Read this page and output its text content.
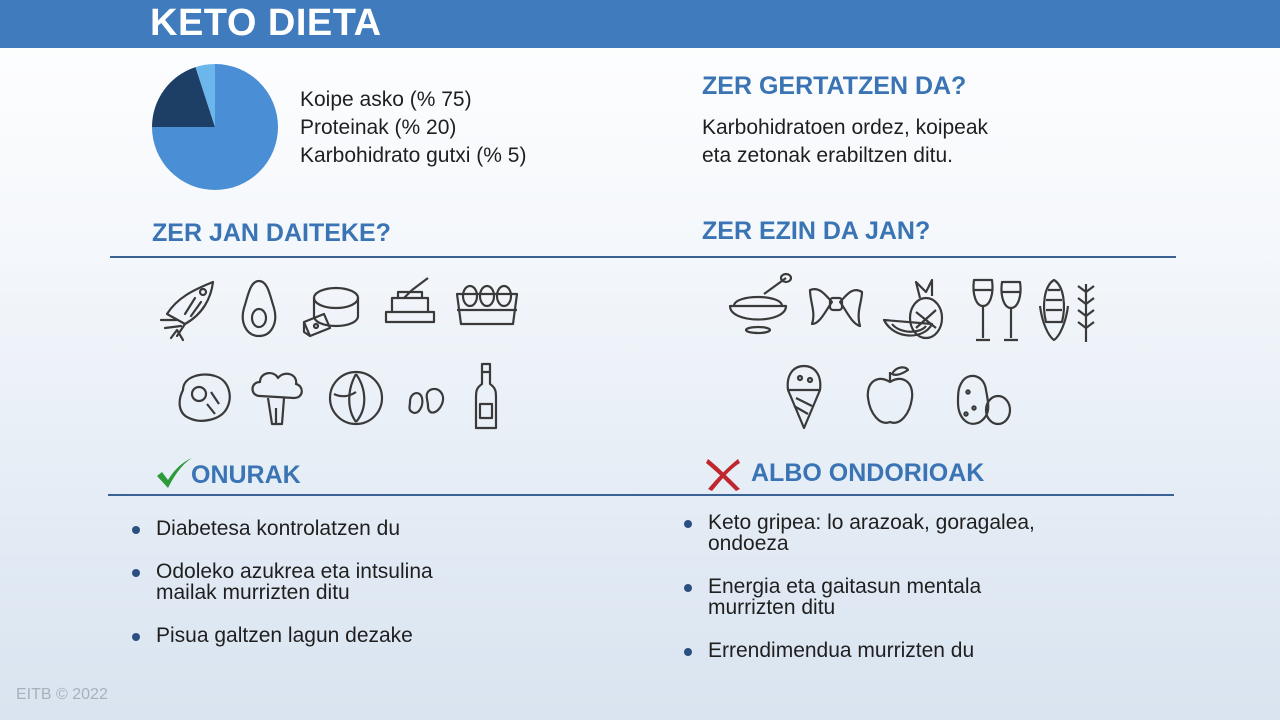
KETO DIETA
Koipe asko (% 75)
Proteinak (% 20)
Karbohidrato gutxi (% 5)
ZER GERTATZEN DA?
Karbohidratoen ordez, koipeak
eta zetonak erabiltzen ditu.
ZER JAN DAITEKE?	ZER EZIN DA JAN?
ONURAK	ALBO ONDORIOAK
Diabetesa kontrolatzen du
Odoleko azukrea eta intsulina
mailak murrizten ditu
Pisua galtzen lagun dezake
Keto gripea: lo arazoak, goragalea,
ondoeza
Energia eta gaitasun mentala
murrizten ditu
Errendimendua murrizten du
EITB © 2022
